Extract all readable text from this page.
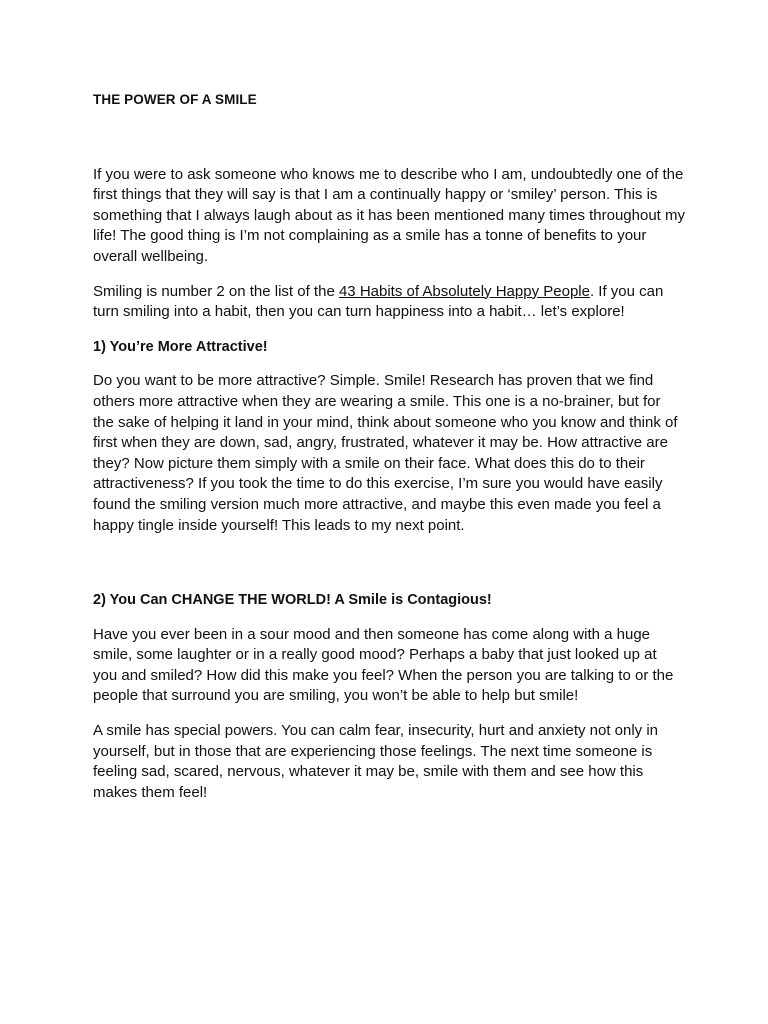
THE POWER OF A SMILE

If you were to ask someone who knows me to describe who I am, undoubtedly one of the first things that they will say is that I am a continually happy or ‘smiley’ person. This is something that I always laugh about as it has been mentioned many times throughout my life! The good thing is I’m not complaining as a smile has a tonne of benefits to your overall wellbeing.

Smiling is number 2 on the list of the 43 Habits of Absolutely Happy People. If you can turn smiling into a habit, then you can turn happiness into a habit… let’s explore!

1) You’re More Attractive!

Do you want to be more attractive? Simple. Smile! Research has proven that we find others more attractive when they are wearing a smile. This one is a no-brainer, but for the sake of helping it land in your mind, think about someone who you know and think of first when they are down, sad, angry, frustrated, whatever it may be. How attractive are they? Now picture them simply with a smile on their face. What does this do to their attractiveness? If you took the time to do this exercise, I’m sure you would have easily found the smiling version much more attractive, and maybe this even made you feel a happy tingle inside yourself! This leads to my next point.

2) You Can CHANGE THE WORLD! A Smile is Contagious!

Have you ever been in a sour mood and then someone has come along with a huge smile, some laughter or in a really good mood? Perhaps a baby that just looked up at you and smiled? How did this make you feel? When the person you are talking to or the people that surround you are smiling, you won’t be able to help but smile!

A smile has special powers. You can calm fear, insecurity, hurt and anxiety not only in yourself, but in those that are experiencing those feelings. The next time someone is feeling sad, scared, nervous, whatever it may be, smile with them and see how this makes them feel!
